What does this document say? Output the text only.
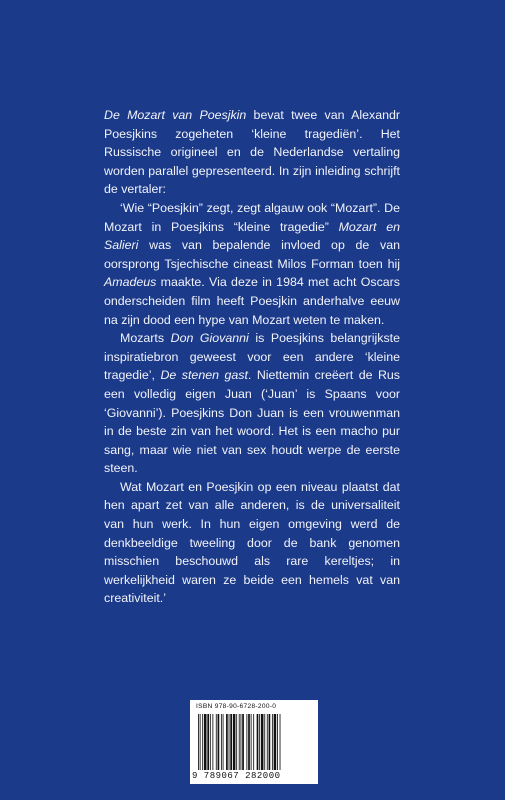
De Mozart van Poesjkin bevat twee van Alexandr Poesjkins zogeheten ‘kleine tragediën’. Het Russische origineel en de Nederlandse vertaling worden parallel gepresenteerd. In zijn inleiding schrijft de vertaler:

‘Wie “Poesjkin” zegt, zegt algauw ook “Mozart”. De Mozart in Poesjkins “kleine tragedie” Mozart en Salieri was van bepalende invloed op de van oorsprong Tsjechische cineast Milos Forman toen hij Amadeus maakte. Via deze in 1984 met acht Oscars onderscheiden film heeft Poesjkin anderhalve eeuw na zijn dood een hype van Mozart weten te maken.

Mozarts Don Giovanni is Poesjkins belangrijkste inspiratiebron geweest voor een andere ‘kleine tragedie’, De stenen gast. Niettemin creëert de Rus een volledig eigen Juan (‘Juan’ is Spaans voor ‘Giovanni’). Poesjkins Don Juan is een vrouwenman in de beste zin van het woord. Het is een macho pur sang, maar wie niet van sex houdt werpe de eerste steen.

Wat Mozart en Poesjkin op een niveau plaatst dat hen apart zet van alle anderen, is de universaliteit van hun werk. In hun eigen omgeving werd de denkbeeldige tweeling door de bank genomen misschien beschouwd als rare kereltjes; in werkelijkheid waren ze beide een hemels vat van creativiteit.’

ISBN 978-90-6728-200-0
9 789067 282000
